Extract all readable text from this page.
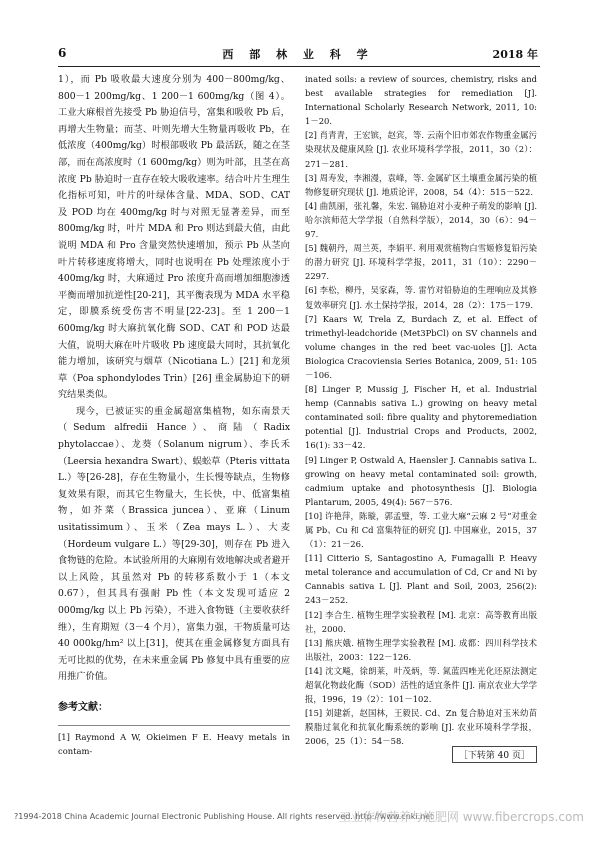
6	西 部 林 业 科 学	2018 年

1），而 Pb 吸收最大速度分别为 400－800mg/kg、800－1 200mg/kg、1 200－1 600mg/kg（图 4）。工业大麻根首先接受 Pb 胁迫信号，富集和吸收 Pb 后，再增大生物量；而茎、叶则先增大生物量再吸收 Pb，在低浓度（400mg/kg）时根部吸收 Pb 最活跃，随之在茎部，而在高浓度时（1 600mg/kg）则为叶部，且茎在高浓度 Pb 胁迫时一直存在较大吸收速率。结合叶片生理生化指标可知，叶片的叶绿体含量、MDA、SOD、CAT 及 POD 均在 400mg/kg 时与对照无显著差异，而至 800mg/kg 时，叶片 MDA 和 Pro 则达到最大值，由此说明 MDA 和 Pro 含量突然快速增加，预示 Pb 从茎向叶片转移速度将增大，同时也说明在 Pb 处理浓度小于 400mg/kg 时，大麻通过 Pro 浓度升高而增加细胞渗透平衡而增加抗逆性[20-21]，其平衡表现为 MDA 水平稳定，即膜系统受伤害不明显[22-23]。至 1 200－1 600mg/kg 时大麻抗氧化酶 SOD、CAT 和 POD 达最大值，说明大麻在叶片吸收 Pb 速度最大同时，其抗氧化能力增加，该研究与烟草（Nicotiana L.）[21] 和龙须草（Poa sphondylodes Trin）[26] 重金属胁迫下的研究结果类似。

现今，已被证实的重金属超富集植物，如东南景天（Sedum alfredii Hance）、商陆（Radix phytolaccae）、龙葵（Solanum nigrum）、李氏禾（Leersia hexandra Swart）、蜈蚣草（Pteris vittata L.）等[26-28]，存在生物量小，生长慢等缺点，生物修复效果有限，而其它生物量大，生长快，中、低富集植物，如芥菜（Brassica juncea）、亚麻（Linum usitatissimum）、玉米（Zea mays L.）、大麦（Hordeum vulgare L.）等[29-30]，则存在 Pb 进入食物链的危险。本试验所用的大麻刚有效地解决或者避开以上风险，其虽然对 Pb 的转移系数小于 1（本文 0.67），但其具有强耐 Pb 性（本文发现可适应 2 000mg/kg 以上 Pb 污染），不进入食物链（主要收获纤维），生育期短（3－4 个月），富集力强，干物质量可达 40 000kg/hm² 以上[31]，使其在重金属修复方面具有无可比拟的优势，在未来重金属 Pb 修复中具有重要的应用推广价值。

参考文献：

[1] Raymond A W, Okieimen F E. Heavy metals in contam-

inated soils: a review of sources, chemistry, risks and best available strategies for remediation [J]. International Scholarly Research Network, 2011, 10: 1－20.

[2] 肖青青，王宏镔，赵宾，等. 云南个旧市郊农作物重金属污染现状及健康风险 [J]. 农业环境科学学报，2011，30（2）：271－281.

[3] 周寿发，李湘漫，袁峰，等. 金属矿区土壤重金属污染的植物修复研究现状 [J]. 地质论评，2008，54（4）：515－522.

[4] 曲凯丽，张礼馨，朱宏. 镉胁迫对小麦种子萌发的影响 [J]. 哈尔滨师范大学学报（自然科学版），2014，30（6）：94－97.

[5] 魏朝丹，周兰英，李娟平. 利用观赏植物白雪姬修复铅污染的潜力研究 [J]. 环境科学学报，2011，31（10）：2290－2297.

[6] 李松，柳丹，吴家森，等. 雷竹对铅胁迫的生理响应及其修复效率研究 [J]. 水土保持学报，2014，28（2）：175－179.

[7] Kaars W, Trela Z, Burdach Z, et al. Effect of trimethyl-leadchoride (Met3PbCl) on SV channels and volume changes in the red beet vac-uoles [J]. Acta Biologica Cracoviensia Series Botanica, 2009, 51: 105－106.

[8] Linger P, Mussig J, Fischer H, et al. Industrial hemp (Cannabis sativa L.) growing on heavy metal contaminated soil: fibre quality and phytoremediation potential [J]. Industrial Crops and Products, 2002, 16(1): 33－42.

[9] Linger P, Ostwald A, Haensler J. Cannabis sativa L. growing on heavy metal contaminated soil: growth, cadmium uptake and photosynthesis [J]. Biologia Plantarum, 2005, 49(4): 567－576.

[10] 许艳萍，陈璇，郭孟璧，等. 工业大麻“云麻 2 号”对重金属 Pb、Cu 和 Cd 富集特征的研究 [J]. 中国麻业，2015，37（1）：21－26.

[11] Citterio S, Santagostino A, Fumagalli P. Heavy metal tolerance and accumulation of Cd, Cr and Ni by Cannabis sativa L [J]. Plant and Soil, 2003, 256(2): 243－252.

[12] 李合生. 植物生理学实验教程 [M]. 北京：高等教育出版社，2000.

[13] 熊庆娥. 植物生理学实验教程 [M]. 成都：四川科学技术出版社，2003：122－126.

[14] 沈文飚，徐朗莱，叶茂炳，等. 氮蓝四唑光化还原法测定超氧化物歧化酶（SOD）活性的适宜条件 [J]. 南京农业大学学报，1996，19（2）：101－102.

[15] 刘建新，赵国林，王毅民. Cd、Zn 复合胁迫对玉米幼苗膜脂过氧化和抗氧化酶系统的影响 [J]. 农业环境科学学报，2006，25（1）：54－58.

［下转第 40 页］
?1994-2018 China Academic Journal Electronic Publishing House. All rights reserved. http://www.cnki.net
工业作物营养与施肥网 www.fibercrops.com
